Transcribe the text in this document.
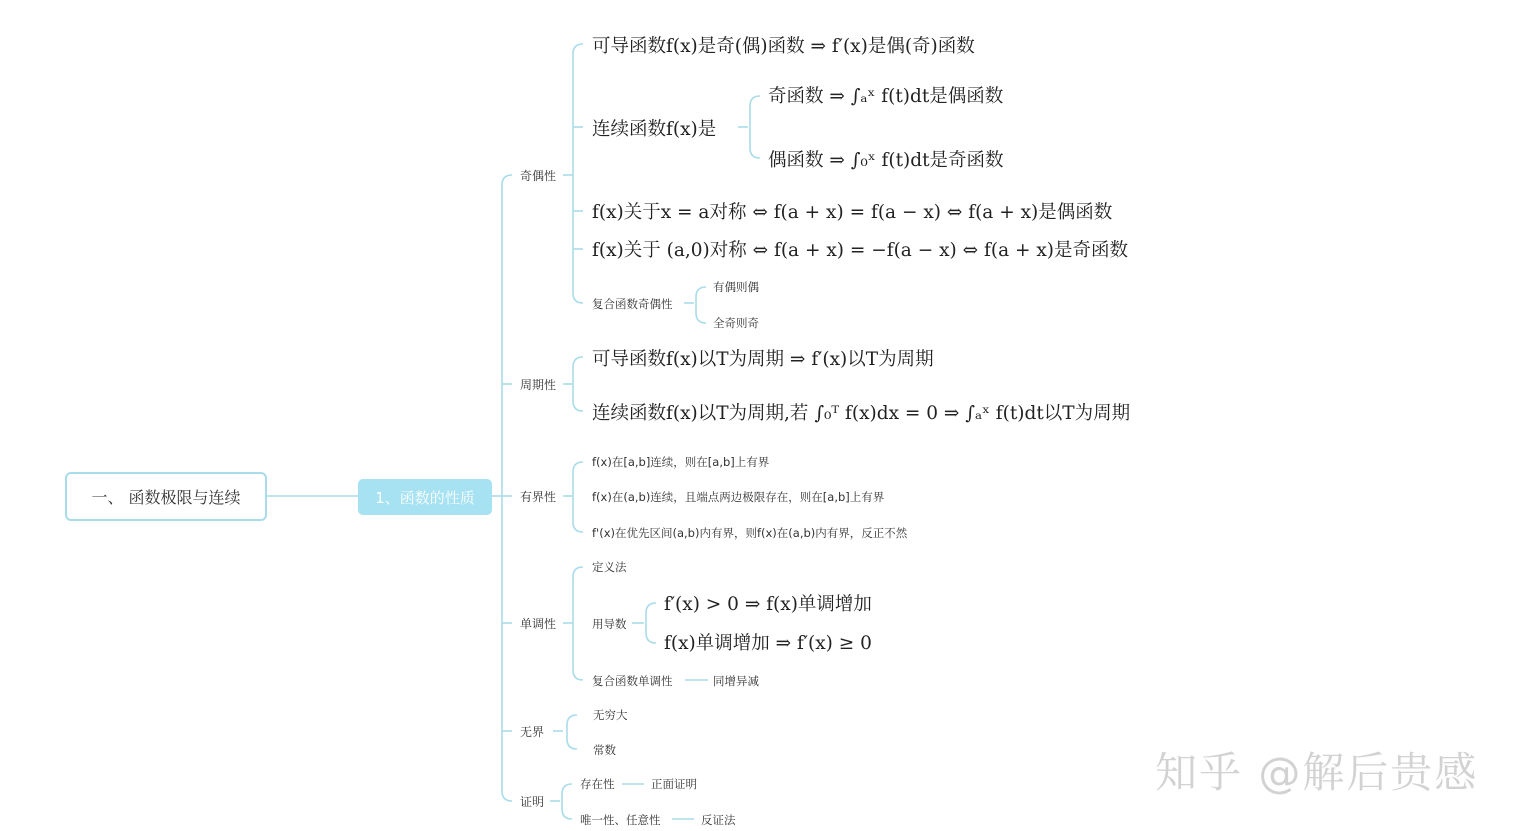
一、 函数极限与连续	1、函数的性质
奇偶性
可导函数f(x)是奇(偶)函数 ⇒ f′(x)是偶(奇)函数
连续函数f(x)是
奇函数 ⇒ ∫ₐˣ f(t)dt是偶函数
偶函数 ⇒ ∫₀ˣ f(t)dt是奇函数
f(x)关于x = a对称 ⇔ f(a + x) = f(a − x) ⇔ f(a + x)是偶函数
f(x)关于 (a,0)对称 ⇔ f(a + x) = −f(a − x) ⇔ f(a + x)是奇函数
复合函数奇偶性
有偶则偶
全奇则奇
周期性
可导函数f(x)以T为周期 ⇒ f′(x)以T为周期
连续函数f(x)以T为周期,若 ∫₀ᵀ f(x)dx = 0 ⇒ ∫ₐˣ f(t)dt以T为周期
有界性
f(x)在[a,b]连续，则在[a,b]上有界
f(x)在(a,b)连续，且端点两边极限存在，则在[a,b]上有界
f'(x)在优先区间(a,b)内有界，则f(x)在(a,b)内有界，反正不然
单调性
定义法
用导数
f′(x) > 0 ⇒ f(x)单调增加
f(x)单调增加 ⇒ f′(x) ≥ 0
复合函数单调性	同增异减
无界
无穷大
常数
证明
存在性	正面证明
唯一性、任意性	反证法
知乎 @解后贵感
